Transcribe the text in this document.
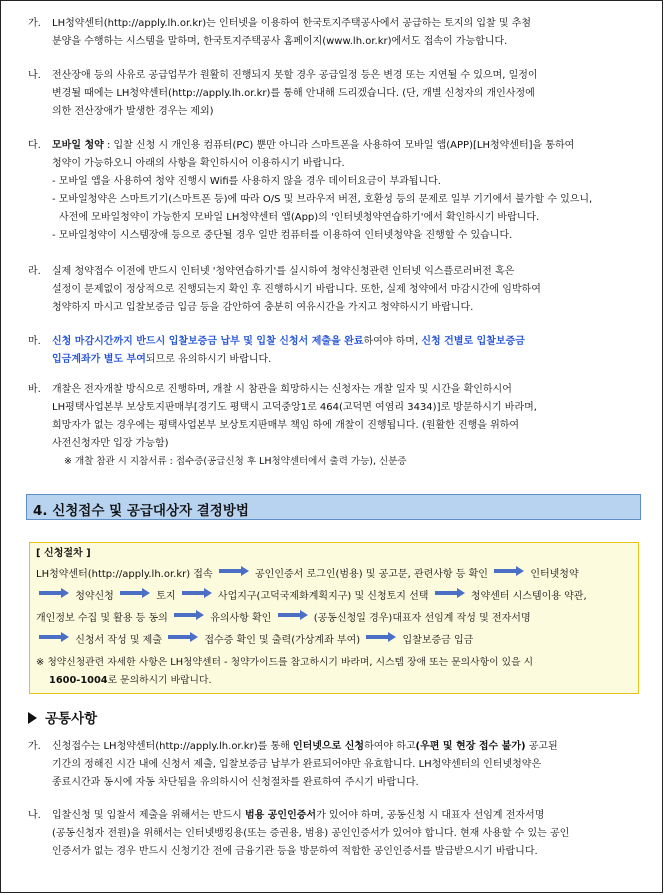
가. LH청약센터(http://apply.lh.or.kr)는 인터넷을 이용하여 한국토지주택공사에서 공급하는 토지의 입찰 및 추첨
분양을 수행하는 시스템을 말하며, 한국토지주택공사 홈페이지(www.lh.or.kr)에서도 접속이 가능합니다.
나. 전산장애 등의 사유로 공급업무가 원활히 진행되지 못할 경우 공급일정 등은 변경 또는 지연될 수 있으며, 일정이
변경될 때에는 LH청약센터(http://apply.lh.or.kr)를 통해 안내해 드리겠습니다. (단, 개별 신청자의 개인사정에
의한 전산장애가 발생한 경우는 제외)
다. 모바일 청약 : 입찰 신청 시 개인용 컴퓨터(PC) 뿐만 아니라 스마트폰을 사용하여 모바일 앱(APP)[LH청약센터]을 통하여
청약이 가능하오니 아래의 사항을 확인하시어 이용하시기 바랍니다.
- 모바일 앱을 사용하여 청약 진행시 Wifi를 사용하지 않을 경우 데이터요금이 부과됩니다.
- 모바일청약은 스마트기기(스마트폰 등)에 따라 O/S 및 브라우저 버전, 호환성 등의 문제로 일부 기기에서 불가할 수 있으니,
사전에 모바일청약이 가능한지 모바일 LH청약센터 앱(App)의 '인터넷청약연습하기'에서 확인하시기 바랍니다.
- 모바일청약이 시스템장애 등으로 중단될 경우 일반 컴퓨터를 이용하여 인터넷청약을 진행할 수 있습니다.
라. 실제 청약접수 이전에 반드시 인터넷 '청약연습하기'를 실시하여 청약신청관련 인터넷 익스플로러버전 혹은
설정이 문제없이 정상적으로 진행되는지 확인 후 진행하시기 바랍니다. 또한, 실제 청약에서 마감시간에 임박하여
청약하지 마시고 입찰보증금 입금 등을 감안하여 충분히 여유시간을 가지고 청약하시기 바랍니다.
마. 신청 마감시간까지 반드시 입찰보증금 납부 및 입찰 신청서 제출을 완료하여야 하며, 신청 건별로 입찰보증금
입금계좌가 별도 부여되므로 유의하시기 바랍니다.
바. 개찰은 전자개찰 방식으로 진행하며, 개찰 시 참관을 희망하시는 신청자는 개찰 일자 및 시간을 확인하시어
LH평택사업본부 보상토지판매부[경기도 평택시 고덕중앙1로 464(고덕면 여염리 3434)]로 방문하시기 바라며,
희망자가 없는 경우에는 평택사업본부 보상토지판매부 책임 하에 개찰이 진행됩니다. (원활한 진행을 위하여
사전신청자만 입장 가능함)
※ 개찰 참관 시 지참서류 : 접수증(공급신청 후 LH청약센터에서 출력 가능), 신분증
4. 신청접수 및 공급대상자 결정방법
[ 신청절차 ]
LH청약센터(http://apply.lh.or.kr) 접속	공인인증서 로그인(범용) 및 공고문, 관련사항 등 확인	인터넷청약
청약신청	토지	사업지구(고덕국제화계획지구) 및 신청토지 선택	청약센터 시스템이용 약관,
개인정보 수집 및 활용 등 동의	유의사항 확인	(공동신청일 경우)대표자 선임계 작성 및 전자서명
신청서 작성 및 제출	접수증 확인 및 출력(가상계좌 부여)	입찰보증금 입금
※ 청약신청관련 자세한 사항은 LH청약센터 - 청약가이드를 참고하시기 바라며, 시스템 장애 또는 문의사항이 있을 시
1600-1004로 문의하시기 바랍니다.
공통사항
가. 신청접수는 LH청약센터(http://apply.lh.or.kr)를 통해 인터넷으로 신청하여야 하고(우편 및 현장 접수 불가) 공고된
기간의 정해진 시간 내에 신청서 제출, 입찰보증금 납부가 완료되어야만 유효합니다. LH청약센터의 인터넷청약은
종료시간과 동시에 자동 차단됨을 유의하시어 신청절차를 완료하여 주시기 바랍니다.
나. 입찰신청 및 입찰서 제출을 위해서는 반드시 범용 공인인증서가 있어야 하며, 공동신청 시 대표자 선임계 전자서명
(공동신청자 전원)을 위해서는 인터넷뱅킹용(또는 증권용, 범용) 공인인증서가 있어야 합니다. 현재 사용할 수 있는 공인
인증서가 없는 경우 반드시 신청기간 전에 금융기관 등을 방문하여 적합한 공인인증서를 발급받으시기 바랍니다.
